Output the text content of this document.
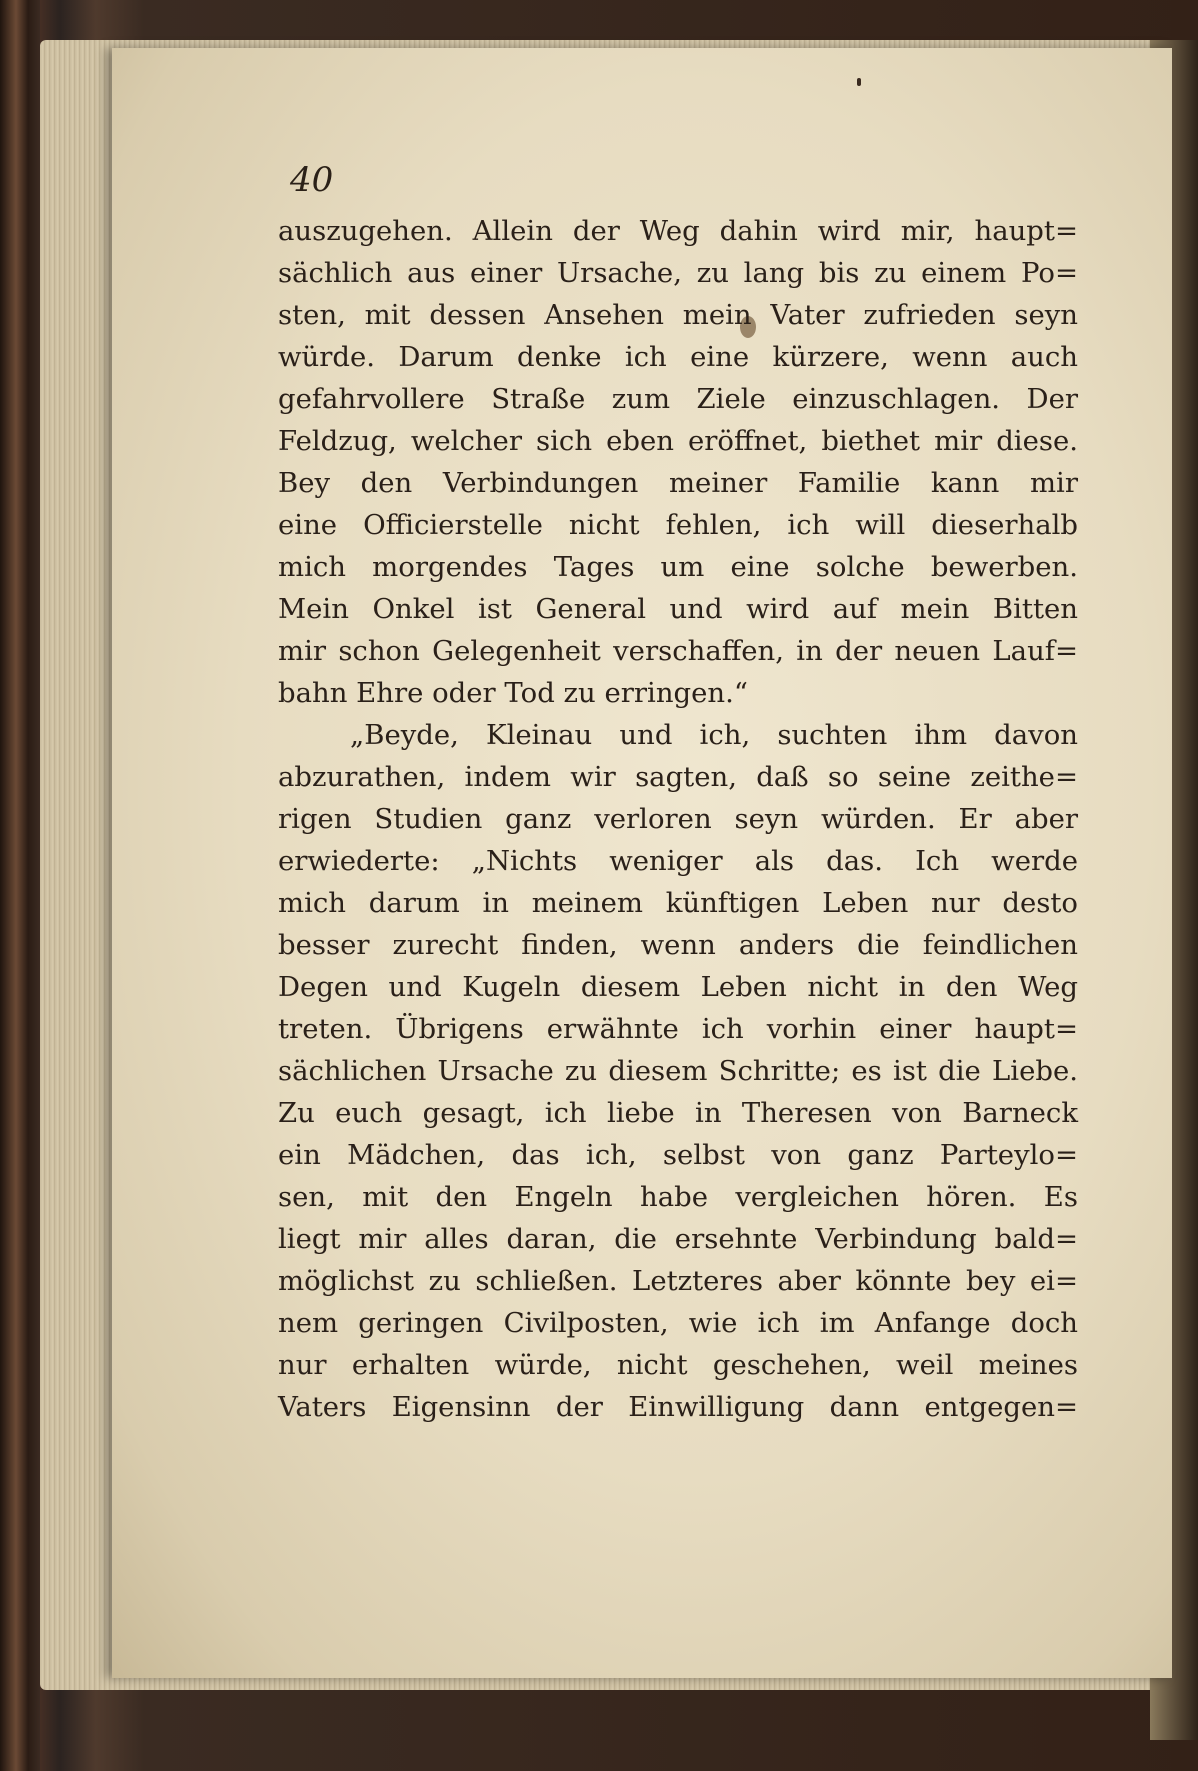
40
auszugehen. Allein der Weg dahin wird mir, haupt=
sächlich aus einer Ursache, zu lang bis zu einem Po=
sten, mit dessen Ansehen mein Vater zufrieden seyn
würde. Darum denke ich eine kürzere, wenn auch
gefahrvollere Straße zum Ziele einzuschlagen. Der
Feldzug, welcher sich eben eröffnet, biethet mir diese.
Bey den Verbindungen meiner Familie kann mir
eine Officierstelle nicht fehlen, ich will dieserhalb
mich morgendes Tages um eine solche bewerben.
Mein Onkel ist General und wird auf mein Bitten
mir schon Gelegenheit verschaffen, in der neuen Lauf=
bahn Ehre oder Tod zu erringen.“
„Beyde, Kleinau und ich, suchten ihm davon
abzurathen, indem wir sagten, daß so seine zeithe=
rigen Studien ganz verloren seyn würden. Er aber
erwiederte: „Nichts weniger als das. Ich werde
mich darum in meinem künftigen Leben nur desto
besser zurecht finden, wenn anders die feindlichen
Degen und Kugeln diesem Leben nicht in den Weg
treten. Übrigens erwähnte ich vorhin einer haupt=
sächlichen Ursache zu diesem Schritte; es ist die Liebe.
Zu euch gesagt, ich liebe in Theresen von Barneck
ein Mädchen, das ich, selbst von ganz Parteylo=
sen, mit den Engeln habe vergleichen hören. Es
liegt mir alles daran, die ersehnte Verbindung bald=
möglichst zu schließen. Letzteres aber könnte bey ei=
nem geringen Civilposten, wie ich im Anfange doch
nur erhalten würde, nicht geschehen, weil meines
Vaters Eigensinn der Einwilligung dann entgegen=
